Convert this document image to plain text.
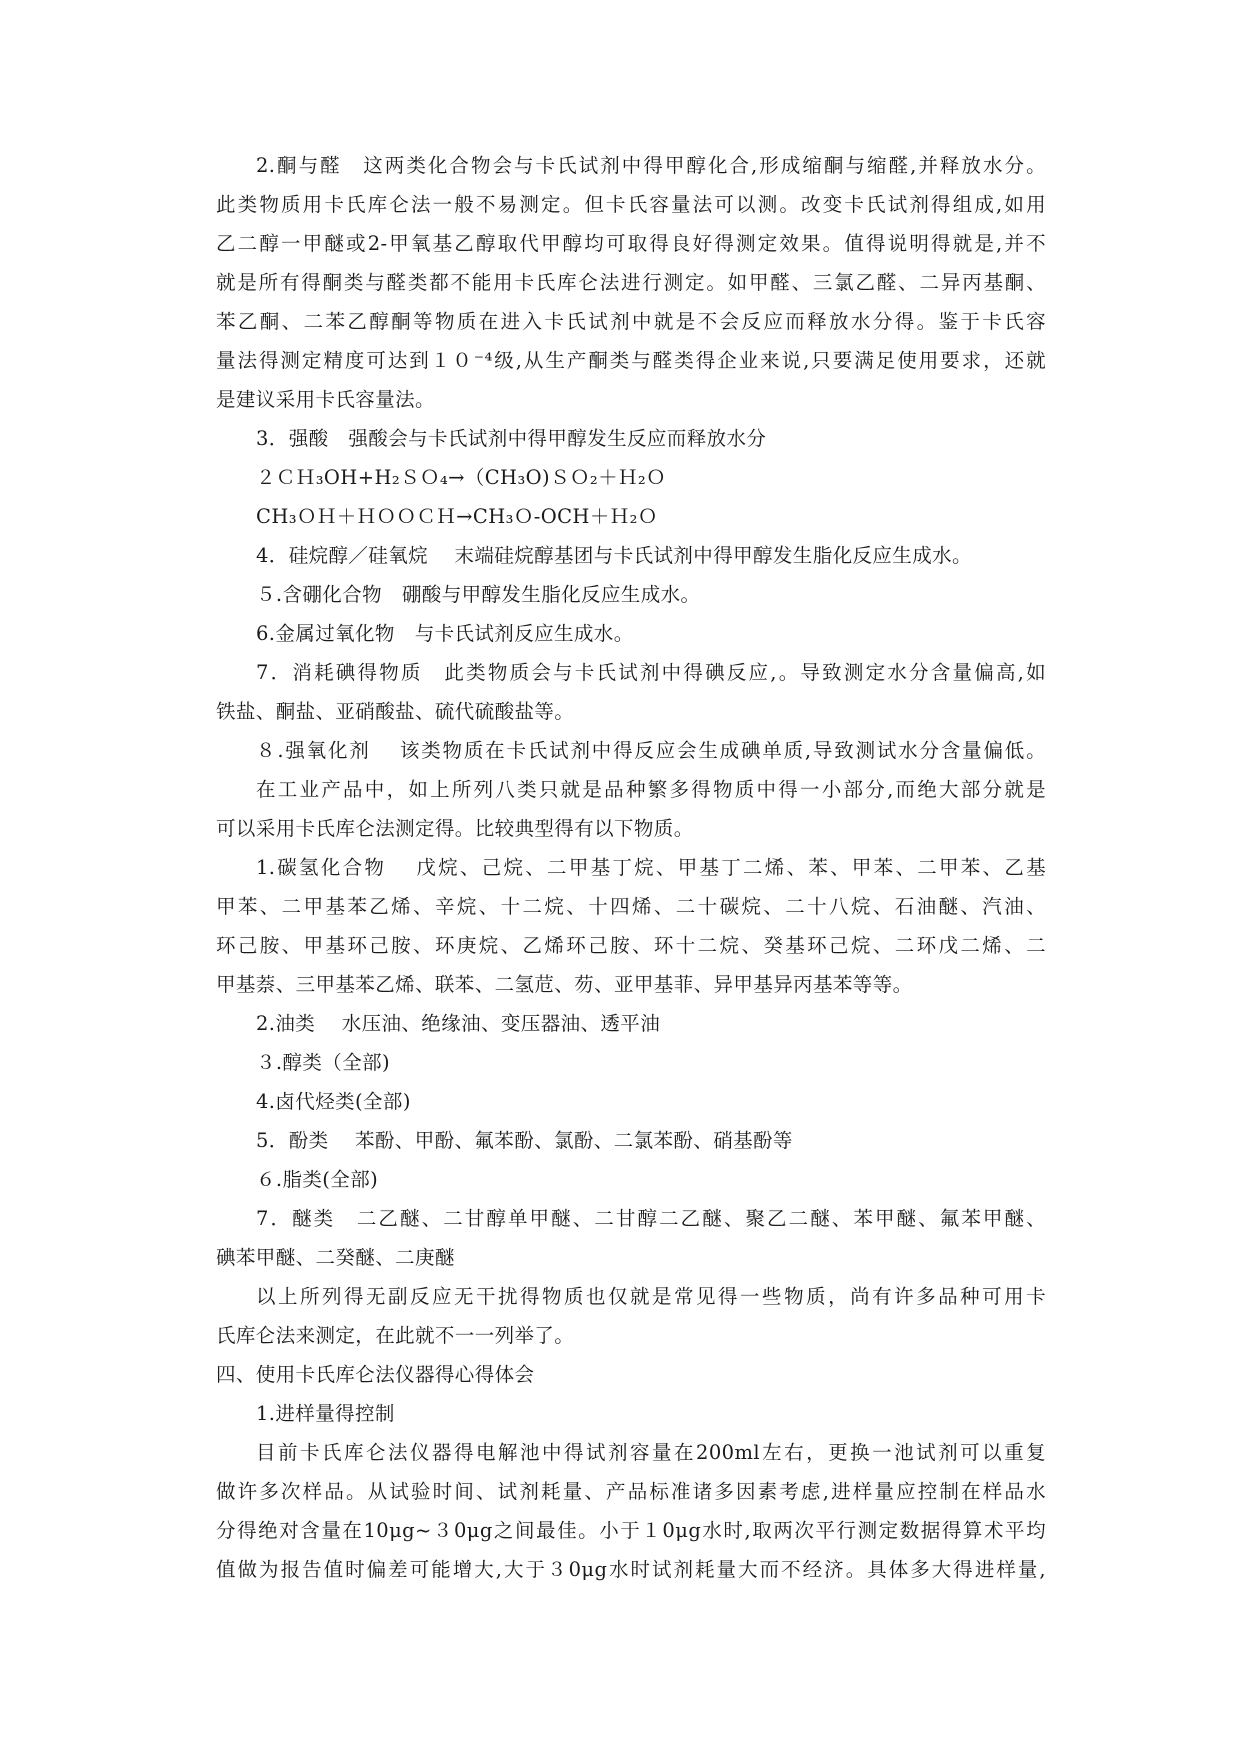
2.酮与醛　这两类化合物会与卡氏试剂中得甲醇化合,形成缩酮与缩醛,并释放水分。
此类物质用卡氏库仑法一般不易测定。但卡氏容量法可以测。改变卡氏试剂得组成,如用
乙二醇一甲醚或2-甲氧基乙醇取代甲醇均可取得良好得测定效果。值得说明得就是,并不
就是所有得酮类与醛类都不能用卡氏库仑法进行测定。如甲醛、三氯乙醛、二异丙基酮、
苯乙酮、二苯乙醇酮等物质在进入卡氏试剂中就是不会反应而释放水分得。鉴于卡氏容
量法得测定精度可达到１０⁻⁴级,从生产酮类与醛类得企业来说,只要满足使用要求，还就
是建议采用卡氏容量法。
3．强酸　强酸会与卡氏试剂中得甲醇发生反应而释放水分
２ＣＨ₃OH+H₂ＳＯ₄→（CH₃O)ＳＯ₂＋Ｈ₂Ｏ
CH₃ＯＨ＋ＨＯＯＣＨ→CH₃Ｏ-OCH＋Ｈ₂Ｏ
4．硅烷醇／硅氧烷　 末端硅烷醇基团与卡氏试剂中得甲醇发生脂化反应生成水。
５.含硼化合物　硼酸与甲醇发生脂化反应生成水。
6.金属过氧化物　与卡氏试剂反应生成水。
7．消耗碘得物质　此类物质会与卡氏试剂中得碘反应,。导致测定水分含量偏高,如
铁盐、酮盐、亚硝酸盐、硫代硫酸盐等。
８.强氧化剂　 该类物质在卡氏试剂中得反应会生成碘单质,导致测试水分含量偏低。
在工业产品中，如上所列八类只就是品种繁多得物质中得一小部分,而绝大部分就是
可以采用卡氏库仑法测定得。比较典型得有以下物质。
1.碳氢化合物　 戊烷、己烷、二甲基丁烷、甲基丁二烯、苯、甲苯、二甲苯、乙基
甲苯、二甲基苯乙烯、辛烷、十二烷、十四烯、二十碳烷、二十八烷、石油醚、汽油、
环己胺、甲基环己胺、环庚烷、乙烯环己胺、环十二烷、癸基环己烷、二环戊二烯、二
甲基萘、三甲基苯乙烯、联苯、二氢苊、芴、亚甲基菲、异甲基异丙基苯等等。
2.油类　 水压油、绝缘油、变压器油、透平油
３.醇类（全部)
4.卤代烃类(全部)
5．酚类　 苯酚、甲酚、氟苯酚、氯酚、二氯苯酚、硝基酚等
６.脂类(全部)
7．醚类　二乙醚、二甘醇单甲醚、二甘醇二乙醚、聚乙二醚、苯甲醚、氟苯甲醚、
碘苯甲醚、二癸醚、二庚醚
以上所列得无副反应无干扰得物质也仅就是常见得一些物质，尚有许多品种可用卡
氏库仑法来测定，在此就不一一列举了。
四、使用卡氏库仑法仪器得心得体会
1.进样量得控制
目前卡氏库仑法仪器得电解池中得试剂容量在200ml左右，更换一池试剂可以重复
做许多次样品。从试验时间、试剂耗量、产品标准诸多因素考虑,进样量应控制在样品水
分得绝对含量在10μg~３0μg之间最佳。小于１0μg水时,取两次平行测定数据得算术平均
值做为报告值时偏差可能增大,大于３0μg水时试剂耗量大而不经济。具体多大得进样量,
